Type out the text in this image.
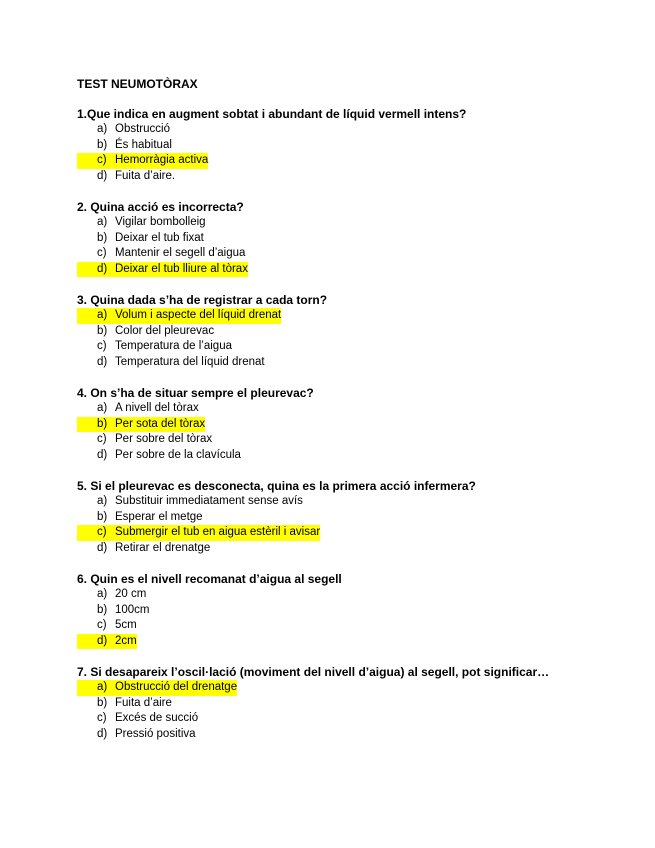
TEST NEUMOTÒRAX
1.Que indica en augment sobtat i abundant de líquid vermell intens?
a) Obstrucció
b) És habitual
c) Hemorràgia activa
d) Fuita d’aire.
2. Quina acció es incorrecta?
a) Vigilar bombolleig
b) Deixar el tub fixat
c) Mantenir el segell d’aigua
d) Deixar el tub lliure al tòrax
3. Quina dada s’ha de registrar a cada torn?
a) Volum i aspecte del líquid drenat
b) Color del pleurevac
c) Temperatura de l’aigua
d) Temperatura del líquid drenat
4. On s’ha de situar sempre el pleurevac?
a) A nivell del tòrax
b) Per sota del tòrax
c) Per sobre del tòrax
d) Per sobre de la clavícula
5. Si el pleurevac es desconecta, quina es la primera acció infermera?
a) Substituir immediatament sense avís
b) Esperar el metge
c) Submergir el tub en aigua estèril i avisar
d) Retirar el drenatge
6. Quin es el nivell recomanat d’aigua al segell
a) 20 cm
b) 100cm
c) 5cm
d) 2cm
7. Si desapareix l’oscil·lació (moviment del nivell d’aigua) al segell, pot significar…
a) Obstrucció del drenatge
b) Fuita d’aire
c) Excés de succió
d) Pressió positiva
